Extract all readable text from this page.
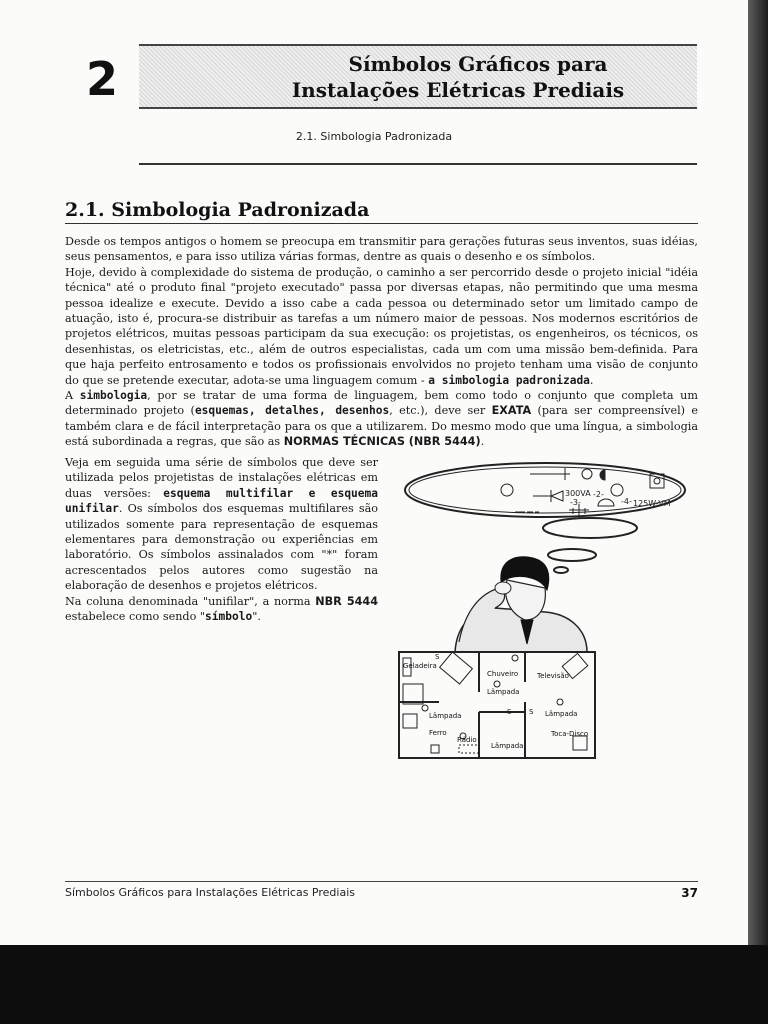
2	Símbolos Gráficos para
Instalações Elétricas Prediais
2.1. Simbologia Padronizada
2.1. Simbologia Padronizada

Desde os tempos antigos o homem se preocupa em transmitir para gerações futuras seus inventos, suas idéias, seus pensamentos, e para isso utiliza várias formas, dentre as quais o desenho e os símbolos.

Hoje, devido à complexidade do sistema de produção, o caminho a ser percorrido desde o projeto inicial "idéia técnica" até o produto final "projeto executado" passa por diversas etapas, não permitindo que uma mesma pessoa idealize e execute. Devido a isso cabe a cada pessoa ou determinado setor um limitado campo de atuação, isto é, procura-se distribuir as tarefas a um número maior de pessoas. Nos modernos escritórios de projetos elétricos, muitas pessoas participam da sua execução: os projetistas, os engenheiros, os técnicos, os desenhistas, os eletricistas, etc., além de outros especialistas, cada um com uma missão bem-definida. Para que haja perfeito entrosamento e todos os profissionais envolvidos no projeto tenham uma visão de conjunto do que se pretende executar, adota-se uma linguagem comum - a simbologia padronizada.

A simbologia, por se tratar de uma forma de linguagem, bem como todo o conjunto que completa um determinado projeto (esquemas, detalhes, desenhos, etc.), deve ser EXATA (para ser compreensível) e também clara e de fácil interpretação para os que a utilizarem. Do mesmo modo que uma língua, a simbologia está subordinada a regras, que são as NORMAS TÉCNICAS (NBR 5444).

Veja em seguida uma série de símbolos que deve ser utilizada pelos projetistas de instalações elétricas em duas versões: esquema multifilar e esquema unifilar. Os símbolos dos esquemas multifilares são utilizados somente para representação de esquemas elementares para demonstração ou experiências em laboratório. Os símbolos assinalados com "*" foram acrescentados pelos autores como sugestão na elaboração de desenhos e projetos elétricos.

Na coluna denominada "unifilar", a norma NBR 5444 estabelece como sendo "símbolo".

300VA
-3-
-2-
-4- 125W-VM
Geladeira
Chuveiro
Lâmpada
Televisão
Lâmpada	Lâmpada
Ferro
Rádio
Lâmpada
Toca-Disco
S
S	S
Símbolos Gráficos para Instalações Elétricas Prediais	37
